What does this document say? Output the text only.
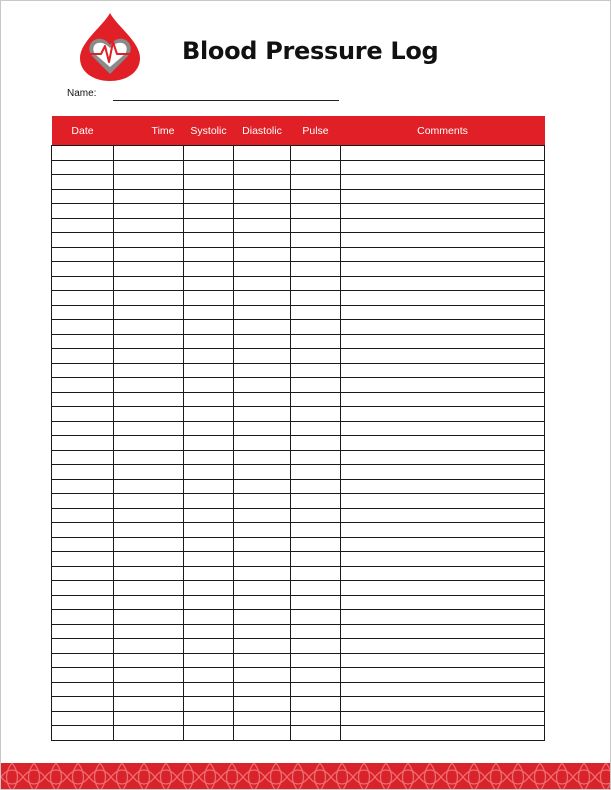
Blood Pressure Log
Name:
Date	Time	Systolic	Diastolic	Pulse	Comments
